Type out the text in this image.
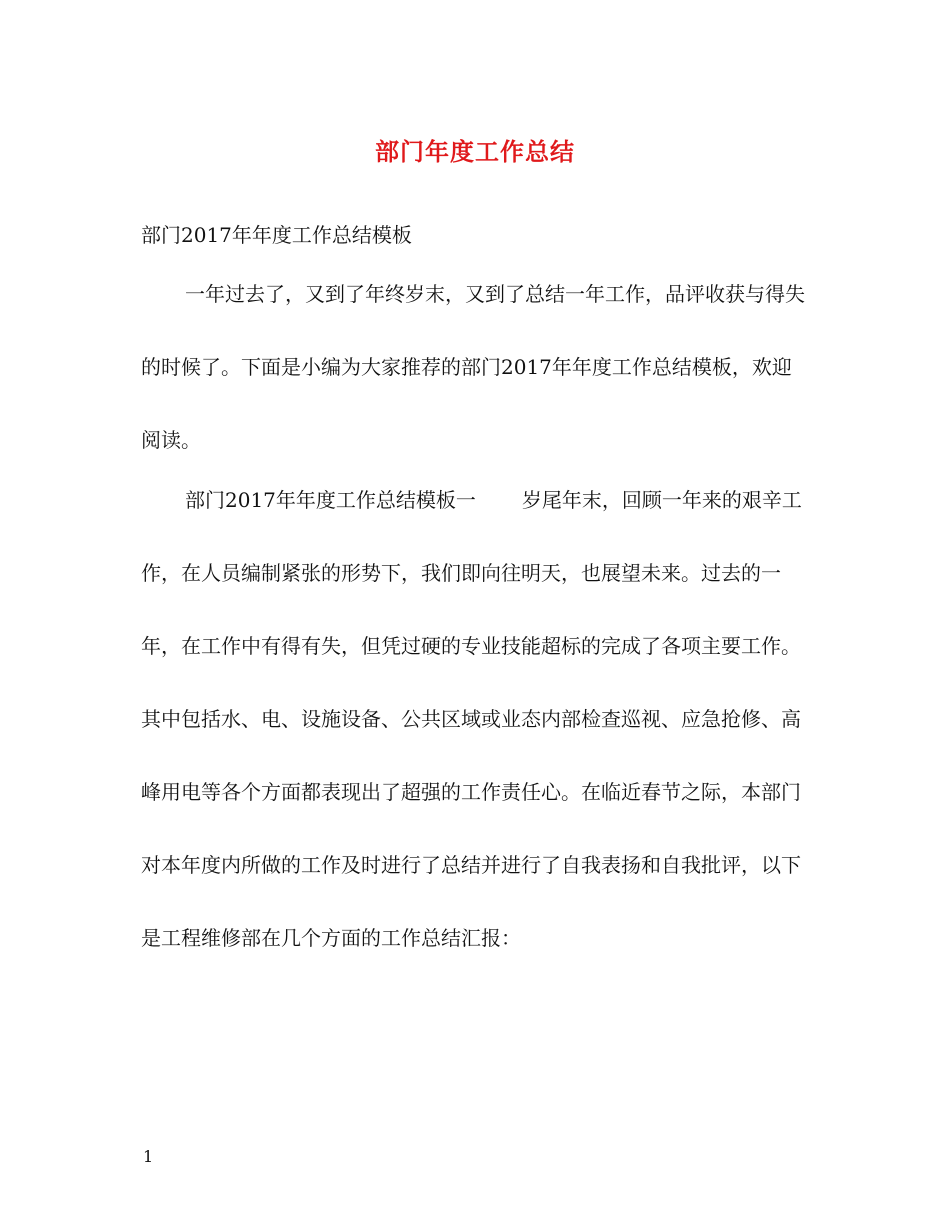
部门年度工作总结
部门2017年年度工作总结模板

一年过去了，又到了年终岁末，又到了总结一年工作，品评收获与得失的时候了。下面是小编为大家推荐的部门2017年年度工作总结模板，欢迎阅读。

部门2017年年度工作总结模板一 岁尾年末，回顾一年来的艰辛工作，在人员编制紧张的形势下，我们即向往明天，也展望未来。过去的一年，在工作中有得有失，但凭过硬的专业技能超标的完成了各项主要工作。其中包括水、电、设施设备、公共区域或业态内部检查巡视、应急抢修、高峰用电等各个方面都表现出了超强的工作责任心。在临近春节之际，本部门对本年度内所做的工作及时进行了总结并进行了自我表扬和自我批评，以下是工程维修部在几个方面的工作总结汇报：

1
